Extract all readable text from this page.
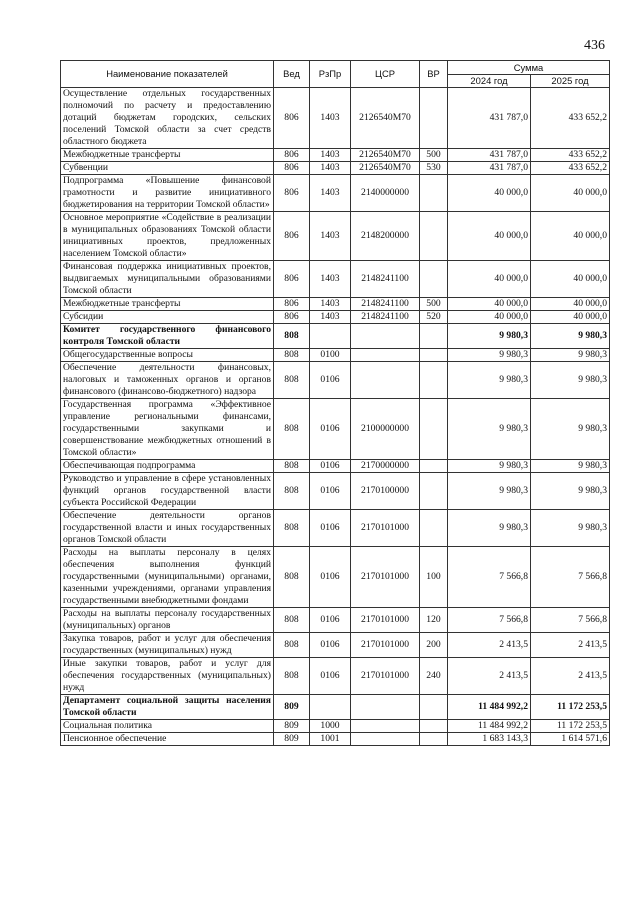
436
Наименование показателей	Вед	РзПр	ЦСР	ВР	Сумма	
					2024 год	2025 год
Осуществление отдельных государственных полномочий по расчету и предоставлению дотаций бюджетам городских, сельских поселений Томской области за счет средств областного бюджета	806	1403	2126540М70		431 787,0	433 652,2
Межбюджетные трансферты	806	1403	2126540М70	500	431 787,0	433 652,2
Субвенции	806	1403	2126540М70	530	431 787,0	433 652,2
Подпрограмма «Повышение финансовой грамотности и развитие инициативного бюджетирования на территории Томской области»	806	1403	2140000000		40 000,0	40 000,0
Основное мероприятие «Содействие в реализации в муниципальных образованиях Томской области инициативных проектов, предложенных населением Томской области»	806	1403	2148200000		40 000,0	40 000,0
Финансовая поддержка инициативных проектов, выдвигаемых муниципальными образованиями Томской области	806	1403	2148241100		40 000,0	40 000,0
Межбюджетные трансферты	806	1403	2148241100	500	40 000,0	40 000,0
Субсидии	806	1403	2148241100	520	40 000,0	40 000,0
Комитет государственного финансового контроля Томской области	808				9 980,3	9 980,3
Общегосударственные вопросы	808	0100			9 980,3	9 980,3
Обеспечение деятельности финансовых, налоговых и таможенных органов и органов финансового (финансово-бюджетного) надзора	808	0106			9 980,3	9 980,3
Государственная программа «Эффективное управление региональными финансами, государственными закупками и совершенствование межбюджетных отношений в Томской области»	808	0106	2100000000		9 980,3	9 980,3
Обеспечивающая подпрограмма	808	0106	2170000000		9 980,3	9 980,3
Руководство и управление в сфере установленных функций органов государственной власти субъекта Российской Федерации	808	0106	2170100000		9 980,3	9 980,3
Обеспечение деятельности органов государственной власти и иных государственных органов Томской области	808	0106	2170101000		9 980,3	9 980,3
Расходы на выплаты персоналу в целях обеспечения выполнения функций государственными (муниципальными) органами, казенными учреждениями, органами управления государственными внебюджетными фондами	808	0106	2170101000	100	7 566,8	7 566,8
Расходы на выплаты персоналу государственных (муниципальных) органов	808	0106	2170101000	120	7 566,8	7 566,8
Закупка товаров, работ и услуг для обеспечения государственных (муниципальных) нужд	808	0106	2170101000	200	2 413,5	2 413,5
Иные закупки товаров, работ и услуг для обеспечения государственных (муниципальных) нужд	808	0106	2170101000	240	2 413,5	2 413,5
Департамент социальной защиты населения Томской области	809				11 484 992,2	11 172 253,5
Социальная политика	809	1000			11 484 992,2	11 172 253,5
Пенсионное обеспечение	809	1001			1 683 143,3	1 614 571,6
